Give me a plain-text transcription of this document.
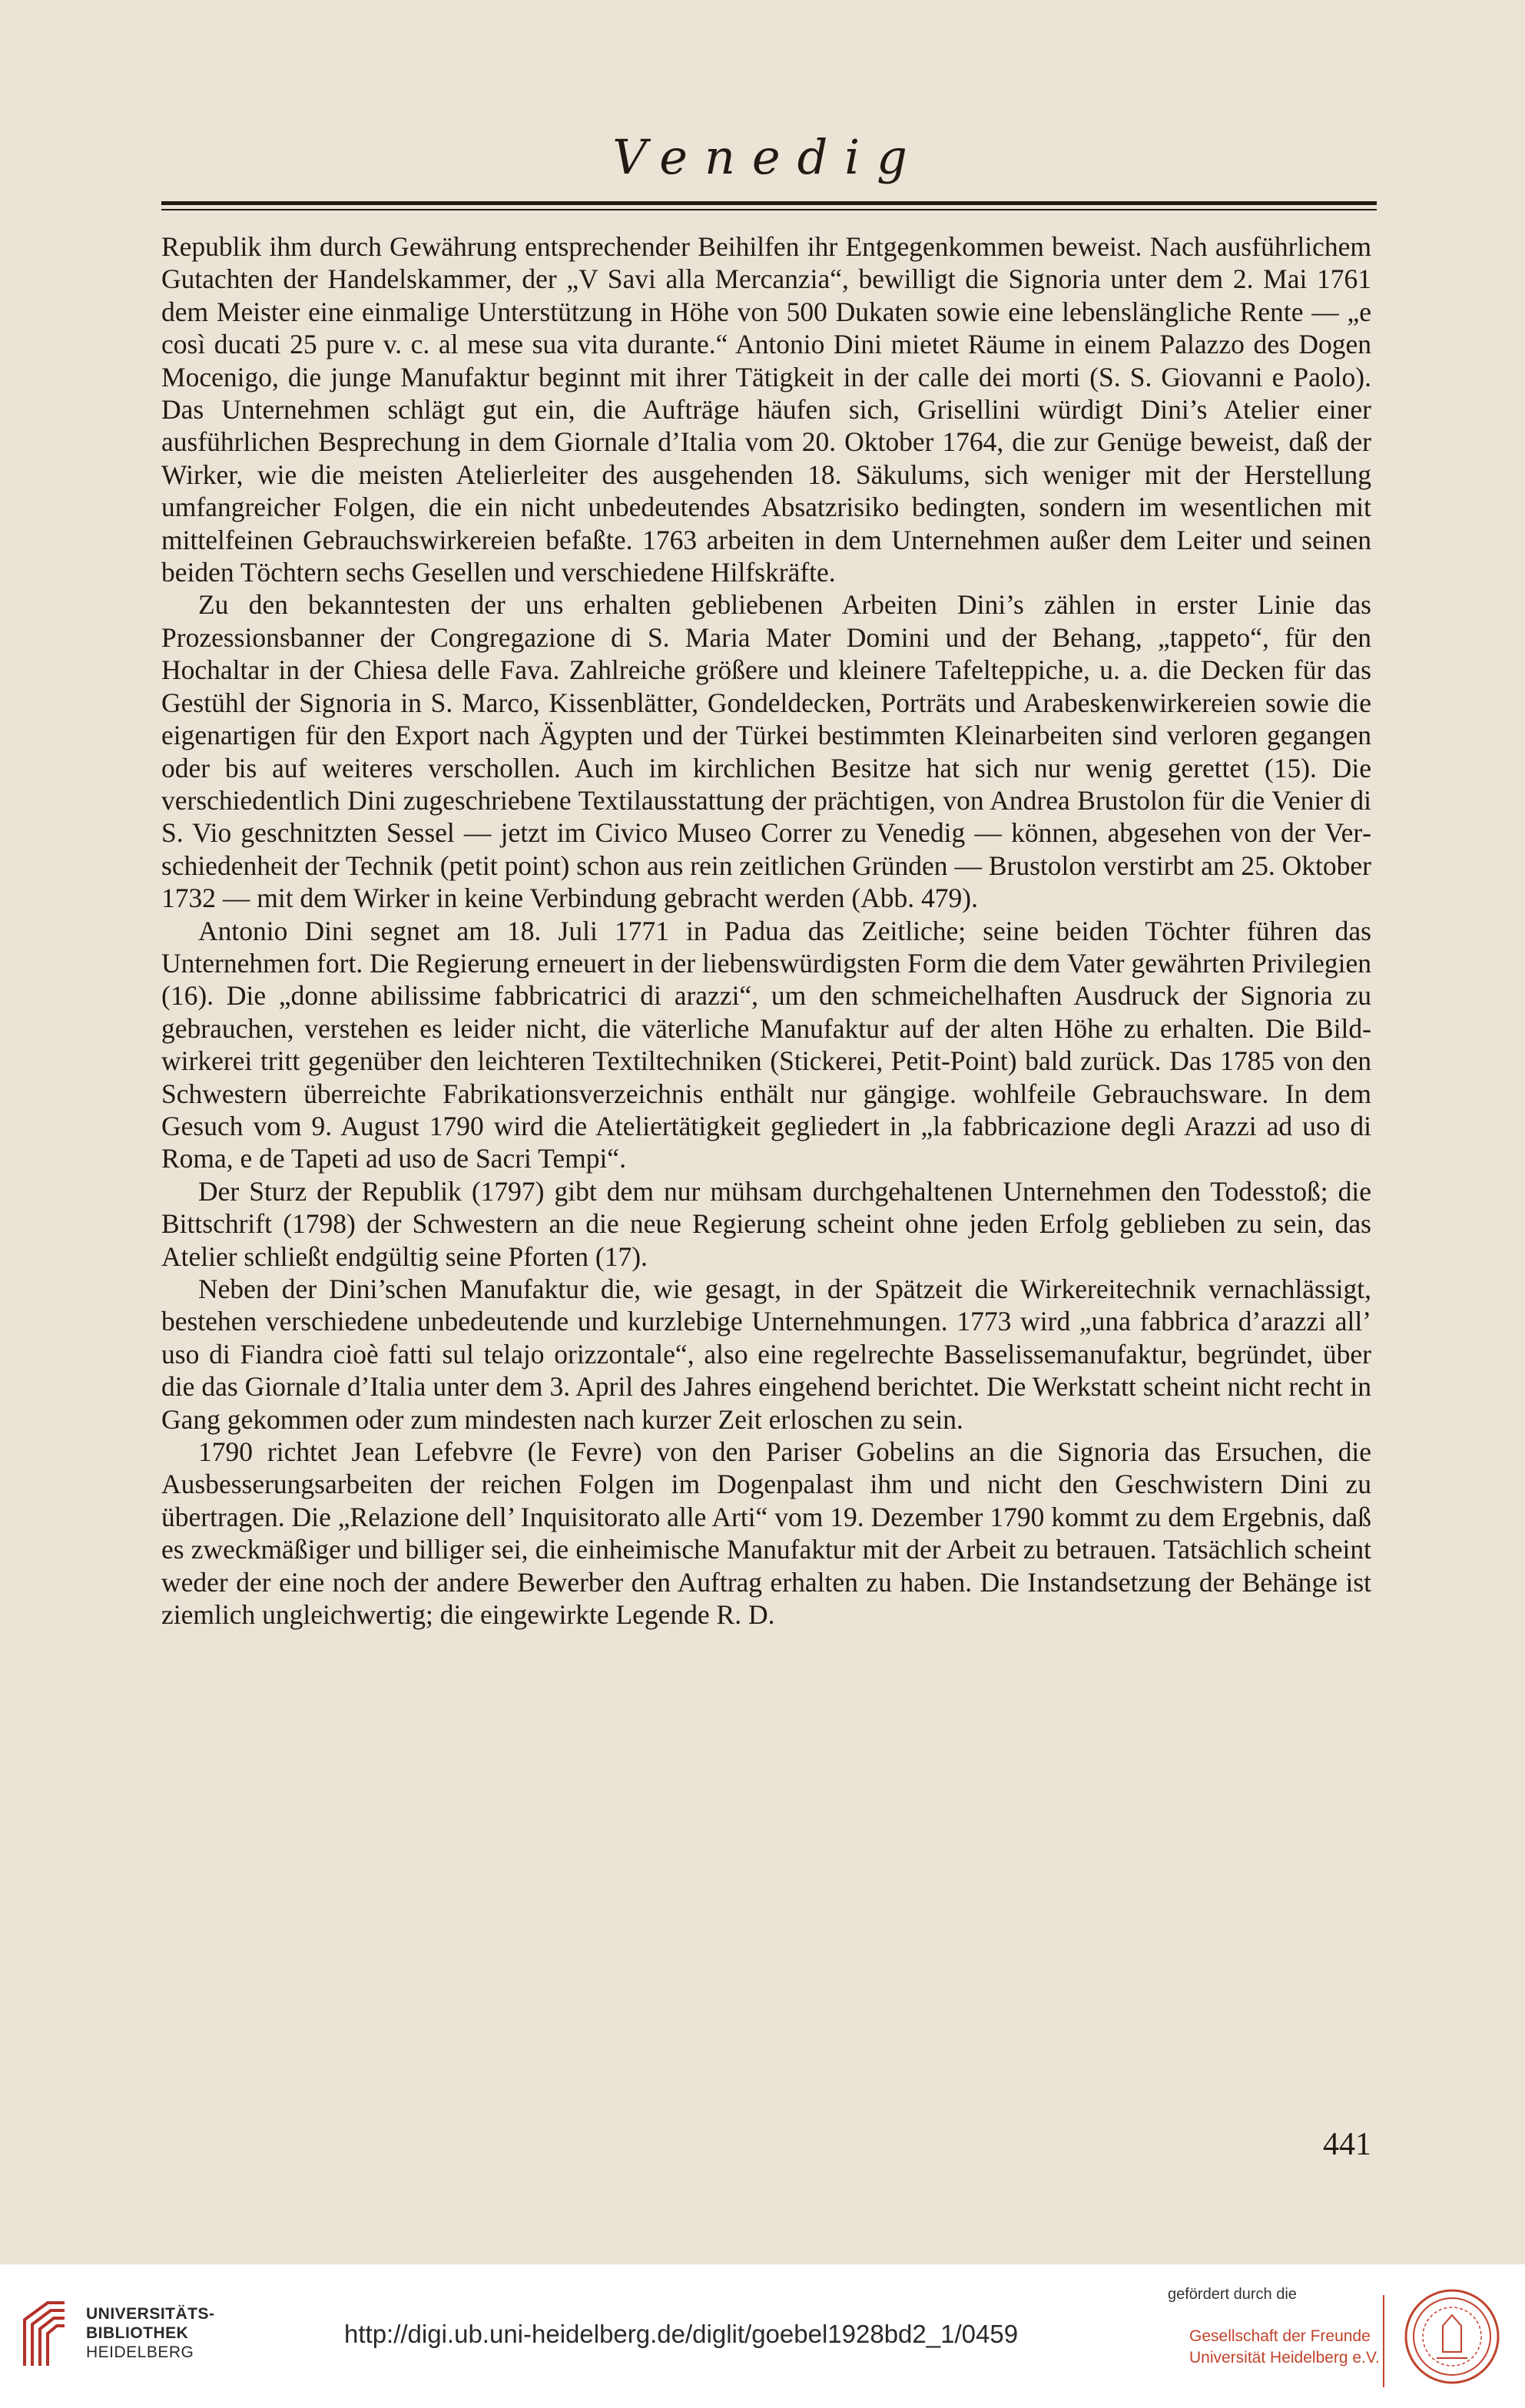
Venedig

Republik ihm durch Gewährung entsprechender Beihilfen ihr Entgegenkommen beweist. Nach ausführlichem Gutachten der Handelskammer, der „V Savi alla Mercanzia“, bewilligt die Signoria unter dem 2. Mai 1761 dem Meister eine einmalige Unterstützung in Höhe von 500 Dukaten sowie eine lebenslängliche Rente — „e così ducati 25 pure v. c. al mese sua vita durante.“ Antonio Dini mietet Räume in einem Palazzo des Dogen Mocenigo, die junge Manufaktur beginnt mit ihrer Tätigkeit in der calle dei morti (S. S. Giovanni e Paolo). Das Unternehmen schlägt gut ein, die Aufträge häufen sich, Grisellini würdigt Dini’s Atelier einer ausführlichen Besprechung in dem Giornale d’Italia vom 20. Oktober 1764, die zur Genüge beweist, daß der Wirker, wie die meisten Atelierleiter des ausgehenden 18. Säkulums, sich weniger mit der Herstellung umfangreicher Folgen, die ein nicht unbedeutendes Absatzrisiko bedingten, sondern im wesentlichen mit mittelfeinen Gebrauchswirkereien befaßte. 1763 arbeiten in dem Unternehmen außer dem Leiter und seinen beiden Töchtern sechs Gesellen und verschiedene Hilfskräfte.

Zu den bekanntesten der uns erhalten gebliebenen Arbeiten Dini’s zählen in erster Linie das Prozessionsbanner der Congregazione di S. Maria Mater Domini und der Behang, „tappeto“, für den Hochaltar in der Chiesa delle Fava. Zahlreiche größere und kleinere Tafelteppiche, u. a. die Decken für das Gestühl der Signoria in S. Marco, Kissenblätter, Gondeldecken, Porträts und Arabeskenwirkereien sowie die eigenartigen für den Export nach Ägypten und der Türkei bestimmten Kleinarbeiten sind verloren gegangen oder bis auf weiteres verschollen. Auch im kirchlichen Besitze hat sich nur wenig gerettet (15). Die verschiedentlich Dini zugeschriebene Textilausstattung der prächtigen, von Andrea Brustolon für die Venier di S. Vio geschnitzten Sessel — jetzt im Civico Museo Correr zu Venedig — können, abgesehen von der Verschiedenheit der Technik (petit point) schon aus rein zeitlichen Gründen — Brustolon verstirbt am 25. Oktober 1732 — mit dem Wirker in keine Verbindung gebracht werden (Abb. 479).

Antonio Dini segnet am 18. Juli 1771 in Padua das Zeitliche; seine beiden Töchter führen das Unternehmen fort. Die Regierung erneuert in der liebenswürdigsten Form die dem Vater gewährten Privilegien (16). Die „donne abilissime fabbricatrici di arazzi“, um den schmeichelhaften Ausdruck der Signoria zu gebrauchen, verstehen es leider nicht, die väterliche Manufaktur auf der alten Höhe zu erhalten. Die Bildwirkerei tritt gegenüber den leichteren Textiltechniken (Stickerei, Petit-Point) bald zurück. Das 1785 von den Schwestern überreichte Fabrikationsverzeichnis enthält nur gängige. wohlfeile Gebrauchsware. In dem Gesuch vom 9. August 1790 wird die Ateliertätigkeit gegliedert in „la fabbricazione degli Arazzi ad uso di Roma, e de Tapeti ad uso de Sacri Tempi“.

Der Sturz der Republik (1797) gibt dem nur mühsam durchgehaltenen Unternehmen den Todesstoß; die Bittschrift (1798) der Schwestern an die neue Regierung scheint ohne jeden Erfolg geblieben zu sein, das Atelier schließt endgültig seine Pforten (17).

Neben der Dini’schen Manufaktur die, wie gesagt, in der Spätzeit die Wirkereitechnik vernachlässigt, bestehen verschiedene unbedeutende und kurzlebige Unternehmungen. 1773 wird „una fabbrica d’arazzi all’ uso di Fiandra cioè fatti sul telajo orizzontale“, also eine regelrechte Basselissemanufaktur, begründet, über die das Giornale d’Italia unter dem 3. April des Jahres eingehend berichtet. Die Werkstatt scheint nicht recht in Gang gekommen oder zum mindesten nach kurzer Zeit erloschen zu sein.

1790 richtet Jean Lefebvre (le Fevre) von den Pariser Gobelins an die Signoria das Ersuchen, die Ausbesserungsarbeiten der reichen Folgen im Dogenpalast ihm und nicht den Geschwistern Dini zu übertragen. Die „Relazione dell’ Inquisitorato alle Arti“ vom 19. Dezember 1790 kommt zu dem Ergebnis, daß es zweckmäßiger und billiger sei, die einheimische Manufaktur mit der Arbeit zu betrauen. Tatsächlich scheint weder der eine noch der andere Bewerber den Auftrag erhalten zu haben. Die Instandsetzung der Behänge ist ziemlich ungleichwertig; die eingewirkte Legende R. D.

441
UNIVERSITÄTS-
BIBLIOTHEK
HEIDELBERG
http://digi.ub.uni-heidelberg.de/diglit/goebel1928bd2_1/0459
gefördert durch die
Gesellschaft der Freunde
Universität Heidelberg e.V.
